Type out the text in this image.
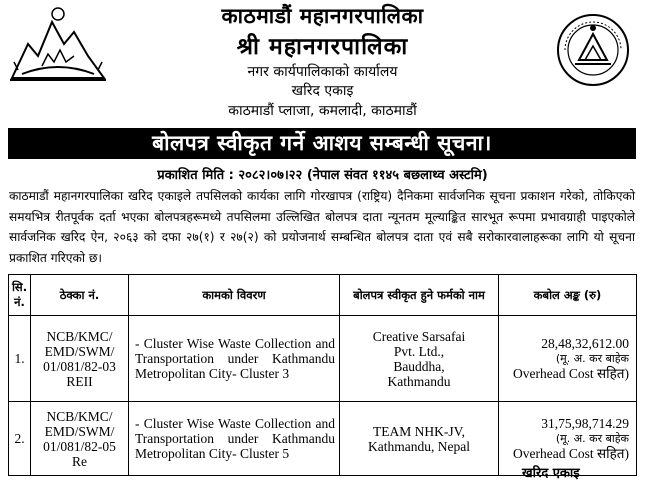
काठमाडौं महानगरपालिका
श्री महानगरपालिका
नगर कार्यपालिकाको कार्यालय
खरिद एकाइ
काठमाडौं प्लाजा, कमलादी, काठमाडौं
बोलपत्र स्वीकृत गर्ने आशय सम्बन्धी सूचना।
प्रकाशित मिति : २०८२।०७।२२ (नेपाल संवत ११४५ बछलाथ्व अस्टमि)
काठमाडौं महानगरपालिका खरिद एकाइले तपसिलको कार्यका लागि गोरखापत्र (राष्ट्रिय) दैनिकमा सार्वजनिक सूचना प्रकाशन गरेको, तोकिएको समयभित्र रीतपूर्वक दर्ता भएका बोलपत्रहरूमध्ये तपसिलमा उल्लिखित बोलपत्र दाता न्यूनतम मूल्याङ्कित सारभूत रूपमा प्रभावग्राही पाइएकोले सार्वजनिक खरिद ऐन, २०६३ को दफा २७(१) र २७(२) को प्रयोजनार्थ सम्बन्धित बोलपत्र दाता एवं सबै सरोकारवालाहरूका लागि यो सूचना प्रकाशित गरिएको छ।
सि. नं.	ठेक्का नं.	कामको विवरण	बोलपत्र स्वीकृत हुने फर्मको नाम	कबोल अङ्क (रु)
1.	NCB/KMC/
EMD/SWM/
01/081/82-03
REII	- Cluster Wise Waste Collection and Transportation under Kathmandu Metropolitan City- Cluster 3	Creative Sarsafai
Pvt. Ltd.,
Bauddha,
Kathmandu	28,48,32,612.00
(मू. अ. कर बाहेक
Overhead Cost सहित)

2.	NCB/KMC/
EMD/SWM/
01/081/82-05
Re	- Cluster Wise Waste Collection and Transportation under Kathmandu Metropolitan City- Cluster 5	TEAM NHK-JV,
Kathmandu, Nepal	31,75,98,714.29
(मू. अ. कर बाहेक
Overhead Cost सहित)
खरिद एकाइ
